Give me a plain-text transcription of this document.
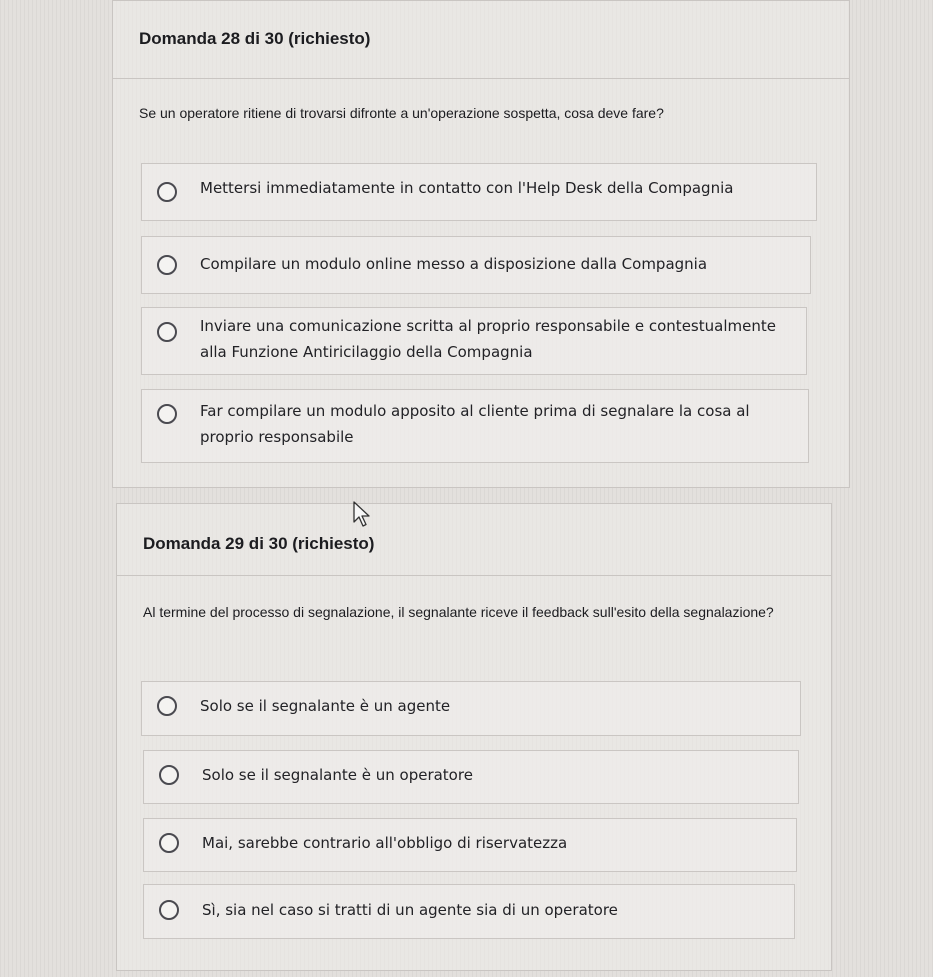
Domanda 28 di 30 (richiesto)
Se un operatore ritiene di trovarsi difronte a un'operazione sospetta, cosa deve fare?
Mettersi immediatamente in contatto con l'Help Desk della Compagnia
Compilare un modulo online messo a disposizione dalla Compagnia
Inviare una comunicazione scritta al proprio responsabile e contestualmente alla Funzione Antiricilaggio della Compagnia
Far compilare un modulo apposito al cliente prima di segnalare la cosa al proprio responsabile
Domanda 29 di 30 (richiesto)
Al termine del processo di segnalazione, il segnalante riceve il feedback sull'esito della segnalazione?
Solo se il segnalante è un agente
Solo se il segnalante è un operatore
Mai, sarebbe contrario all'obbligo di riservatezza
Sì, sia nel caso si tratti di un agente sia di un operatore
